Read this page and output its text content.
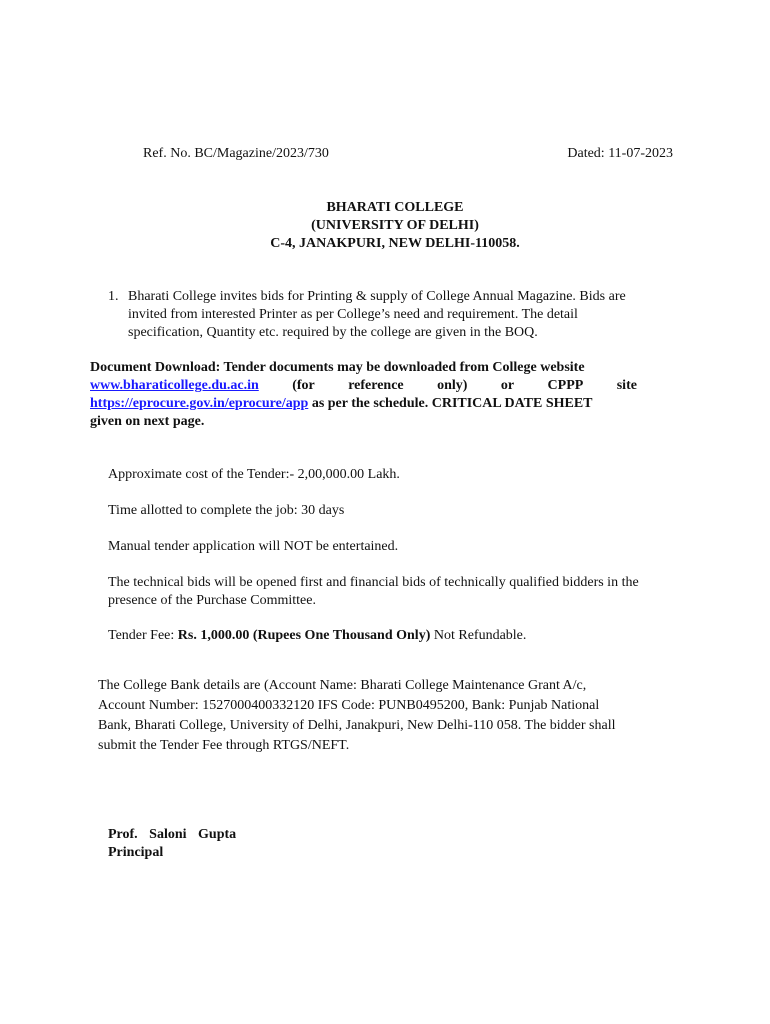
Ref. No. BC/Magazine/2023/730	Dated: 11-07-2023
BHARATI COLLEGE
(UNIVERSITY OF DELHI)
C-4, JANAKPURI, NEW DELHI-110058.
1. Bharati College invites bids for Printing & supply of College Annual Magazine. Bids are invited from interested Printer as per College’s need and requirement. The detail specification, Quantity etc. required by the college are given in the BOQ.
Document Download: Tender documents may be downloaded from College website
www.bharaticollege.du.ac.in (for reference only) or CPPP site
https://eprocure.gov.in/eprocure/app as per the schedule. CRITICAL DATE SHEET
given on next page.
Approximate cost of the Tender:- 2,00,000.00 Lakh.
Time allotted to complete the job: 30 days
Manual tender application will NOT be entertained.
The technical bids will be opened first and financial bids of technically qualified bidders in the
presence of the Purchase Committee.
Tender Fee: Rs. 1,000.00 (Rupees One Thousand Only) Not Refundable.
The College Bank details are (Account Name: Bharati College Maintenance Grant A/c,
Account Number: 1527000400332120 IFS Code: PUNB0495200, Bank: Punjab National
Bank, Bharati College, University of Delhi, Janakpuri, New Delhi-110 058. The bidder shall
submit the Tender Fee through RTGS/NEFT.
Prof. Saloni Gupta
Principal
